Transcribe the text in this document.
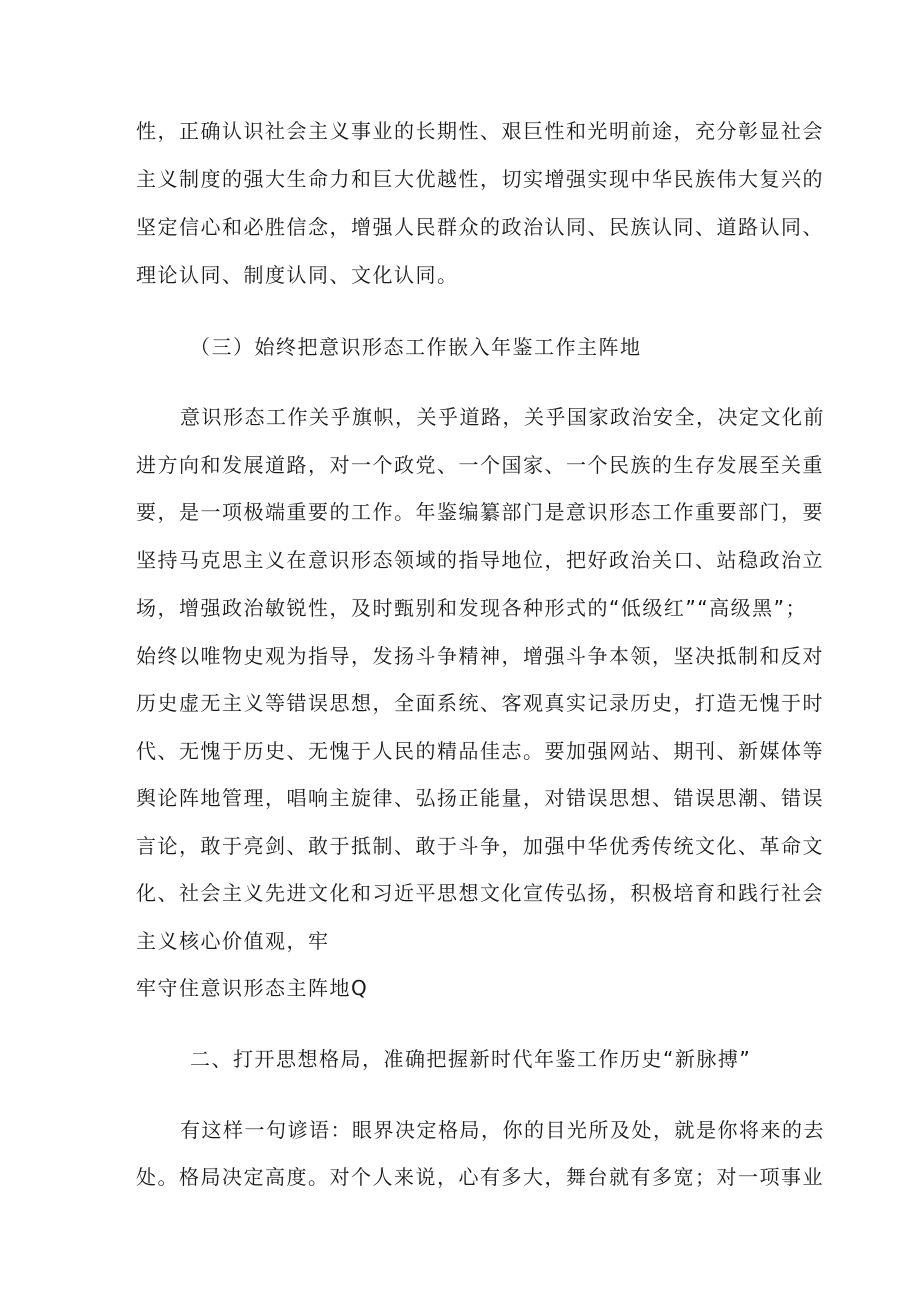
性，正确认识社会主义事业的长期性、艰巨性和光明前途，充分彰显社会
主义制度的强大生命力和巨大优越性，切实增强实现中华民族伟大复兴的
坚定信心和必胜信念，增强人民群众的政治认同、民族认同、道路认同、
理论认同、制度认同、文化认同。
（三）始终把意识形态工作嵌入年鉴工作主阵地
意识形态工作关乎旗帜，关乎道路，关乎国家政治安全，决定文化前
进方向和发展道路，对一个政党、一个国家、一个民族的生存发展至关重
要，是一项极端重要的工作。年鉴编纂部门是意识形态工作重要部门，要
坚持马克思主义在意识形态领域的指导地位，把好政治关口、站稳政治立
场，增强政治敏锐性，及时甄别和发现各种形式的“低级红”“高级黑”；
始终以唯物史观为指导，发扬斗争精神，增强斗争本领，坚决抵制和反对
历史虚无主义等错误思想，全面系统、客观真实记录历史，打造无愧于时
代、无愧于历史、无愧于人民的精品佳志。要加强网站、期刊、新媒体等
舆论阵地管理，唱响主旋律、弘扬正能量，对错误思想、错误思潮、错误
言论，敢于亮剑、敢于抵制、敢于斗争，加强中华优秀传统文化、革命文
化、社会主义先进文化和习近平思想文化宣传弘扬，积极培育和践行社会
主义核心价值观，牢
牢守住意识形态主阵地Q
二、打开思想格局，准确把握新时代年鉴工作历史“新脉搏”
有这样一句谚语：眼界决定格局，你的目光所及处，就是你将来的去
处。格局决定高度。对个人来说，心有多大，舞台就有多宽；对一项事业
